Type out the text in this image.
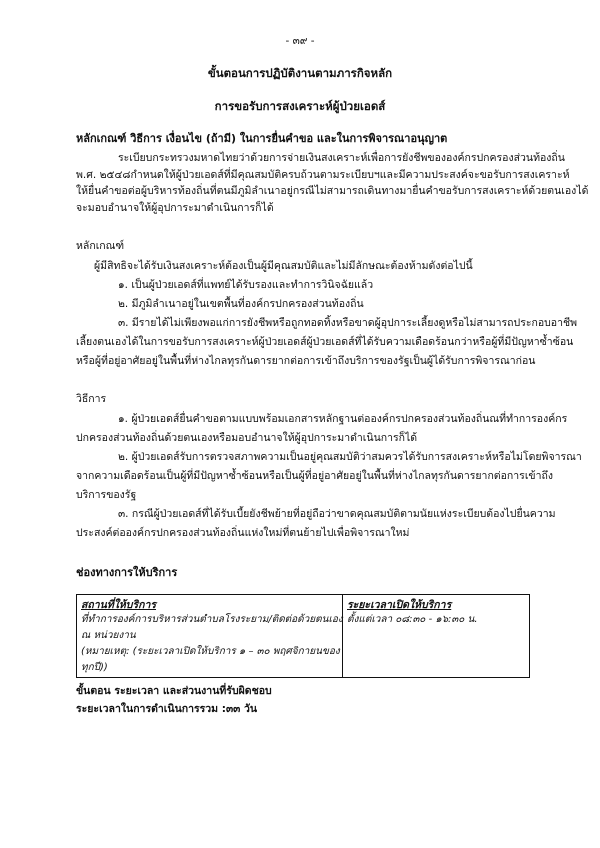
- ๓๙ -
ขั้นตอนการปฏิบัติงานตามภารกิจหลัก
การขอรับการสงเคราะห์ผู้ป่วยเอดส์
หลักเกณฑ์ วิธีการ เงื่อนไข (ถ้ามี) ในการยื่นคำขอ และในการพิจารณาอนุญาต
ระเบียบกระทรวงมหาดไทยว่าด้วยการจ่ายเงินสงเคราะห์เพื่อการยังชีพขององค์กรปกครองส่วนท้องถิ่น
พ.ศ. ๒๕๔๘กำหนดให้ผู้ป่วยเอดส์ที่มีคุณสมบัติครบถ้วนตามระเบียบฯและมีความประสงค์จะขอรับการสงเคราะห์
ให้ยื่นคำขอต่อผู้บริหารท้องถิ่นที่ตนมีภูมิลำเนาอยู่กรณีไม่สามารถเดินทางมายื่นคำขอรับการสงเคราะห์ด้วยตนเองได้
จะมอบอำนาจให้ผู้อุปการะมาดำเนินการก็ได้
หลักเกณฑ์
ผู้มีสิทธิจะได้รับเงินสงเคราะห์ต้องเป็นผู้มีคุณสมบัติและไม่มีลักษณะต้องห้ามดังต่อไปนี้
๑. เป็นผู้ป่วยเอดส์ที่แพทย์ได้รับรองและทำการวินิจฉัยแล้ว
๒. มีภูมิลำเนาอยู่ในเขตพื้นที่องค์กรปกครองส่วนท้องถิ่น
๓. มีรายได้ไม่เพียงพอแก่การยังชีพหรือถูกทอดทิ้งหรือขาดผู้อุปการะเลี้ยงดูหรือไม่สามารถประกอบอาชีพ
เลี้ยงตนเองได้ในการขอรับการสงเคราะห์ผู้ป่วยเอดส์ผู้ป่วยเอดส์ที่ได้รับความเดือดร้อนกว่าหรือผู้ที่มีปัญหาซ้ำซ้อน
หรือผู้ที่อยู่อาศัยอยู่ในพื้นที่ห่างไกลทุรกันดารยากต่อการเข้าถึงบริการของรัฐเป็นผู้ได้รับการพิจารณาก่อน
วิธีการ
๑. ผู้ป่วยเอดส์ยื่นคำขอตามแบบพร้อมเอกสารหลักฐานต่อองค์กรปกครองส่วนท้องถิ่นณที่ทำการองค์กร
ปกครองส่วนท้องถิ่นด้วยตนเองหรือมอบอำนาจให้ผู้อุปการะมาดำเนินการก็ได้
๒. ผู้ป่วยเอดส์รับการตรวจสภาพความเป็นอยู่คุณสมบัติว่าสมควรได้รับการสงเคราะห์หรือไม่โดยพิจารณา
จากความเดือดร้อนเป็นผู้ที่มีปัญหาซ้ำซ้อนหรือเป็นผู้ที่อยู่อาศัยอยู่ในพื้นที่ห่างไกลทุรกันดารยากต่อการเข้าถึง
บริการของรัฐ
๓. กรณีผู้ป่วยเอดส์ที่ได้รับเบี้ยยังชีพย้ายที่อยู่ถือว่าขาดคุณสมบัติตามนัยแห่งระเบียบต้องไปยื่นความ
ประสงค์ต่อองค์กรปกครองส่วนท้องถิ่นแห่งใหม่ที่ตนย้ายไปเพื่อพิจารณาใหม่
ช่องทางการให้บริการ
สถานที่ให้บริการ
ที่ทำการองค์การบริหารส่วนตำบลโรงระยาม/ติดต่อด้วยตนเอง
ณ หน่วยงาน
(หมายเหตุ: (ระยะเวลาเปิดให้บริการ ๑ – ๓๐ พฤศจิกายนของ
ทุกปี))
ระยะเวลาเปิดให้บริการ
ตั้งแต่เวลา ๐๘:๓๐ - ๑๖:๓๐ น.
ขั้นตอน ระยะเวลา และส่วนงานที่รับผิดชอบ
ระยะเวลาในการดำเนินการรวม :๓๓ วัน
